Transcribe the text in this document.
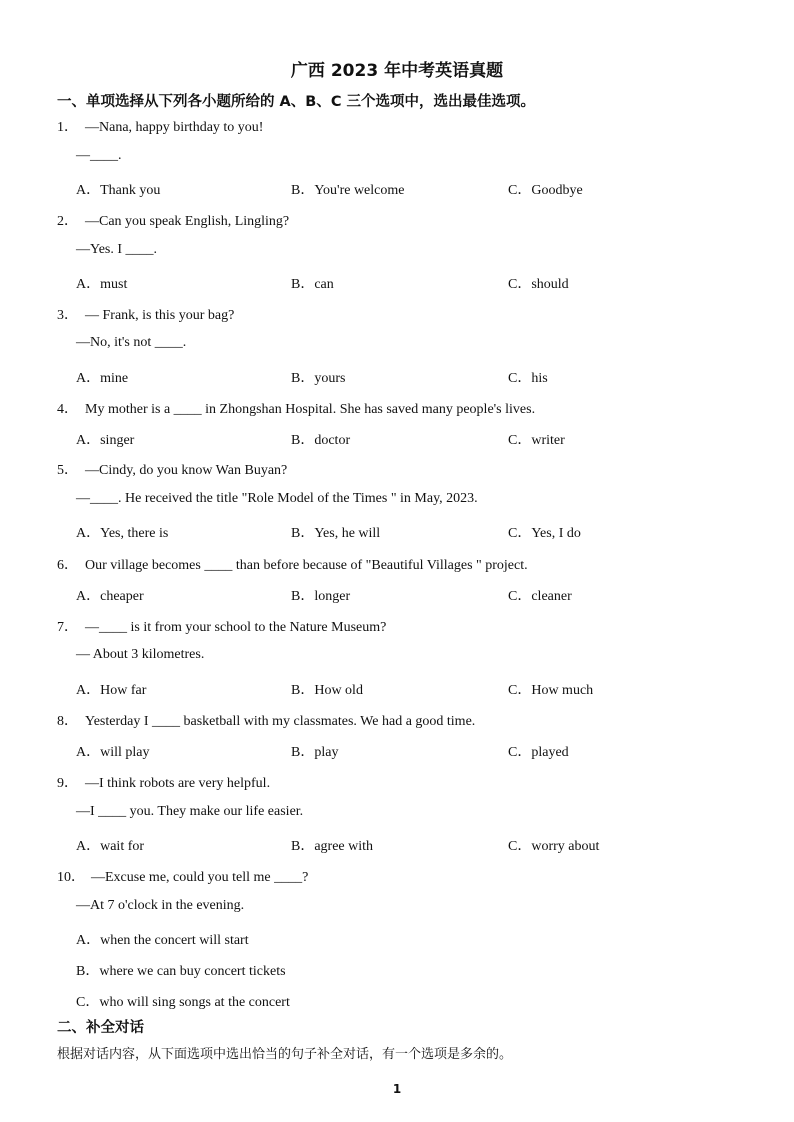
广西 2023 年中考英语真题
一、单项选择从下列各小题所给的 A、B、C 三个选项中，选出最佳选项。
1． —Nana, happy birthday to you!
—____.
A．Thank you	B．You're welcome	C．Goodbye
2． —Can you speak English, Lingling?
—Yes. I ____.
A．must	B．can	C．should
3． — Frank, is this your bag?
—No, it's not ____.
A．mine	B．yours	C．his
4． My mother is a ____ in Zhongshan Hospital. She has saved many people's lives.
A．singer	B．doctor	C．writer
5． —Cindy, do you know Wan Buyan?
—____. He received the title "Role Model of the Times " in May, 2023.
A．Yes, there is	B．Yes, he will	C．Yes, I do
6． Our village becomes ____ than before because of "Beautiful Villages " project.
A．cheaper	B．longer	C．cleaner
7． —____ is it from your school to the Nature Museum?
— About 3 kilometres.
A．How far	B．How old	C．How much
8． Yesterday I ____ basketball with my classmates. We had a good time.
A．will play	B．play	C．played
9． —I think robots are very helpful.
—I ____ you. They make our life easier.
A．wait for	B．agree with	C．worry about
10． —Excuse me, could you tell me ____?
—At 7 o'clock in the evening.
A．when the concert will start
B．where we can buy concert tickets
C．who will sing songs at the concert
二、补全对话
根据对话内容，从下面选项中选出恰当的句子补全对话，有一个选项是多余的。
1
